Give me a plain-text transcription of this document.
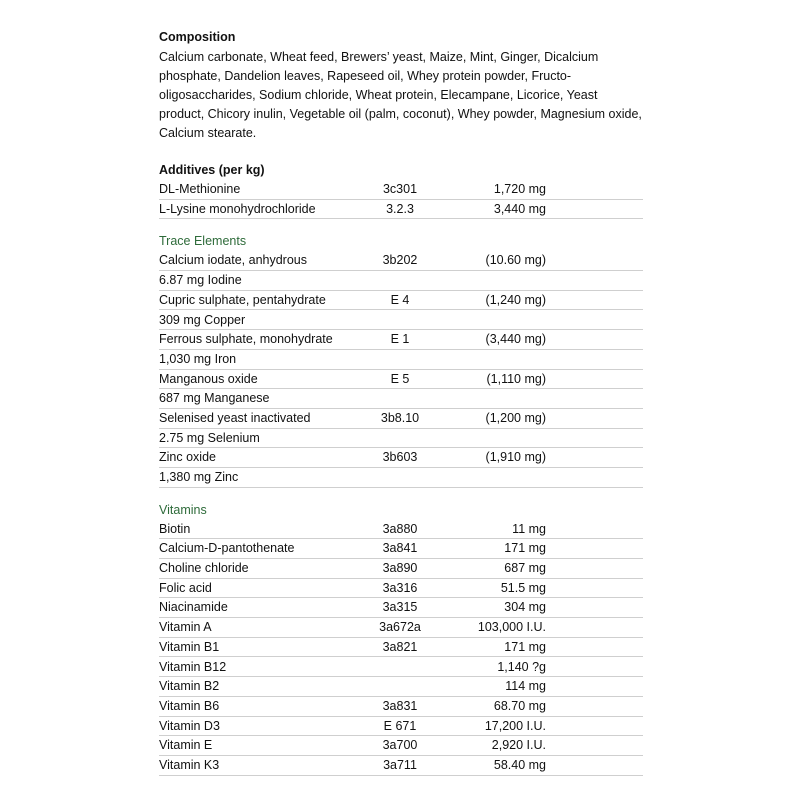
Composition
Calcium carbonate, Wheat feed, Brewers’ yeast, Maize, Mint, Ginger, Dicalcium phosphate, Dandelion leaves, Rapeseed oil, Whey protein powder, Fructo-oligosaccharides, Sodium chloride, Wheat protein, Elecampane, Licorice, Yeast product, Chicory inulin, Vegetable oil (palm, coconut), Whey powder, Magnesium oxide, Calcium stearate.
Additives (per kg)
DL-Methionine	3c301	1,720 mg	
L-Lysine monohydrochloride	3.2.3	3,440 mg	
Trace Elements
Calcium iodate, anhydrous	3b202	(10.60 mg)	
6.87 mg Iodine			
Cupric sulphate, pentahydrate	E 4	(1,240 mg)	
309 mg Copper			
Ferrous sulphate, monohydrate	E 1	(3,440 mg)	
1,030 mg Iron			
Manganous oxide	E 5	(1,110 mg)	
687 mg Manganese			
Selenised yeast inactivated	3b8.10	(1,200 mg)	
2.75 mg Selenium			
Zinc oxide	3b603	(1,910 mg)	
1,380 mg Zinc			
Vitamins
Biotin	3a880	11 mg	
Calcium-D-pantothenate	3a841	171 mg	
Choline chloride	3a890	687 mg	
Folic acid	3a316	51.5 mg	
Niacinamide	3a315	304 mg	
Vitamin A	3a672a	103,000 I.U.	
Vitamin B1	3a821	171 mg	
Vitamin B12		1,140 ?g	
Vitamin B2		114 mg	
Vitamin B6	3a831	68.70 mg	
Vitamin D3	E 671	17,200 I.U.	
Vitamin E	3a700	2,920 I.U.	
Vitamin K3	3a711	58.40 mg	
